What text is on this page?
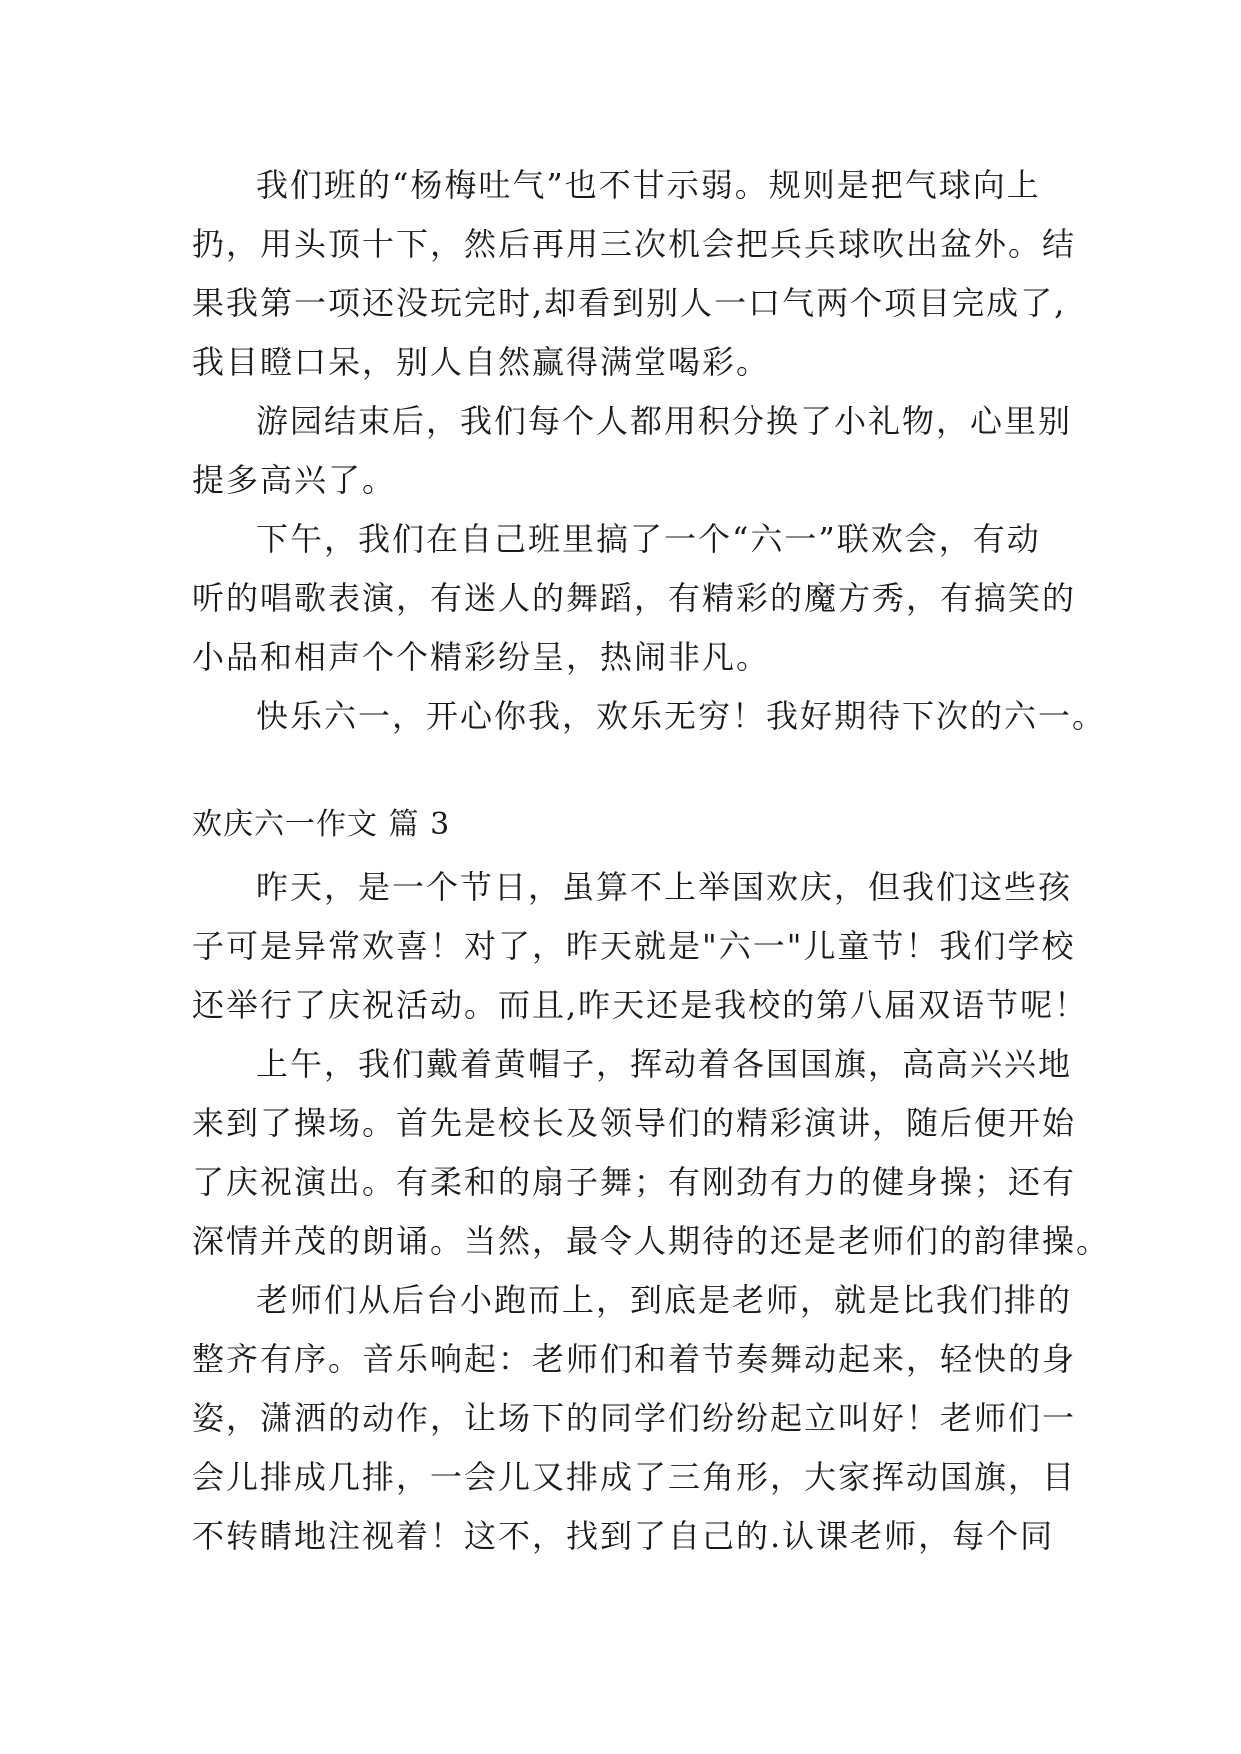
我们班的“杨梅吐气”也不甘示弱。规则是把气球向上
扔，用头顶十下，然后再用三次机会把兵兵球吹出盆外。结
果我第一项还没玩完时,却看到别人一口气两个项目完成了,
我目瞪口呆，别人自然赢得满堂喝彩。
游园结束后，我们每个人都用积分换了小礼物，心里别
提多高兴了。
下午，我们在自己班里搞了一个“六一”联欢会，有动
听的唱歌表演，有迷人的舞蹈，有精彩的魔方秀，有搞笑的
小品和相声个个精彩纷呈，热闹非凡。
快乐六一，开心你我，欢乐无穷！我好期待下次的六一。
欢庆六一作文 篇 3
昨天，是一个节日，虽算不上举国欢庆，但我们这些孩
子可是异常欢喜！对了，昨天就是"六一"儿童节！我们学校
还举行了庆祝活动。而且,昨天还是我校的第八届双语节呢！
上午，我们戴着黄帽子，挥动着各国国旗，高高兴兴地
来到了操场。首先是校长及领导们的精彩演讲，随后便开始
了庆祝演出。有柔和的扇子舞；有刚劲有力的健身操；还有
深情并茂的朗诵。当然，最令人期待的还是老师们的韵律操。
老师们从后台小跑而上，到底是老师，就是比我们排的
整齐有序。音乐响起：老师们和着节奏舞动起来，轻快的身
姿，潇洒的动作，让场下的同学们纷纷起立叫好！老师们一
会儿排成几排，一会儿又排成了三角形，大家挥动国旗，目
不转睛地注视着！这不，找到了自己的.认课老师，每个同
